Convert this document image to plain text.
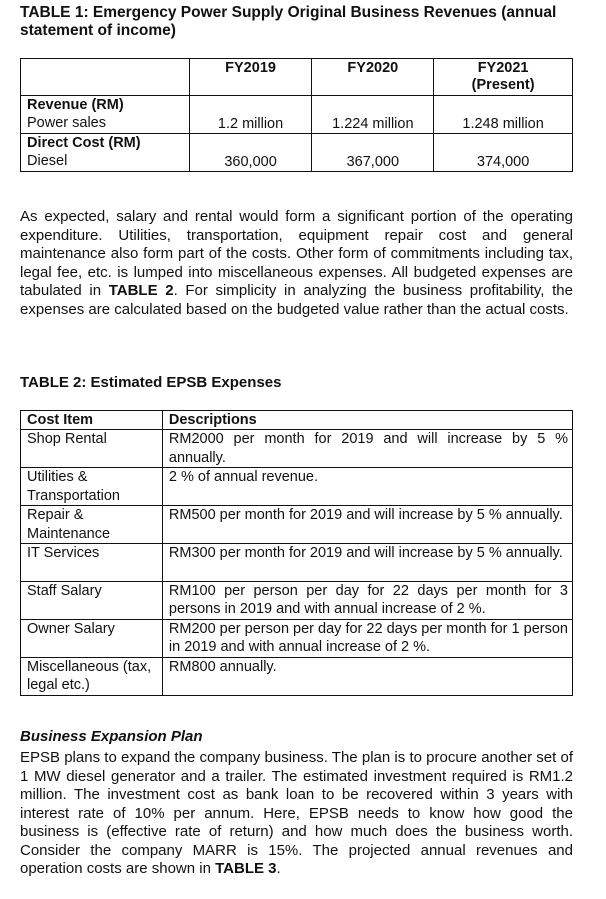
TABLE 1: Emergency Power Supply Original Business Revenues (annual statement of income)
	FY2019	FY2020	FY2021
(Present)

Revenue (RM)
Power sales	1.2 million	1.224 million	1.248 million

Direct Cost (RM)
Diesel	360,000	367,000	374,000

As expected, salary and rental would form a significant portion of the operating expenditure. Utilities, transportation, equipment repair cost and general maintenance also form part of the costs. Other form of commitments including tax, legal fee, etc. is lumped into miscellaneous expenses. All budgeted expenses are tabulated in TABLE 2. For simplicity in analyzing the business profitability, the expenses are calculated based on the budgeted value rather than the actual costs.

TABLE 2: Estimated EPSB Expenses
Cost Item	Descriptions
Shop Rental	RM2000 per month for 2019 and will increase by 5 % annually.
Utilities & Transportation	2 % of annual revenue.
Repair & Maintenance	RM500 per month for 2019 and will increase by 5 % annually.
IT Services	RM300 per month for 2019 and will increase by 5 % annually.
Staff Salary	RM100 per person per day for 22 days per month for 3 persons in 2019 and with annual increase of 2 %.
Owner Salary	RM200 per person per day for 22 days per month for 1 person in 2019 and with annual increase of 2 %.
Miscellaneous (tax, legal etc.)	RM800 annually.
Business Expansion Plan

EPSB plans to expand the company business. The plan is to procure another set of 1 MW diesel generator and a trailer. The estimated investment required is RM1.2 million. The investment cost as bank loan to be recovered within 3 years with interest rate of 10% per annum. Here, EPSB needs to know how good the business is (effective rate of return) and how much does the business worth. Consider the company MARR is 15%. The projected annual revenues and operation costs are shown in TABLE 3.
